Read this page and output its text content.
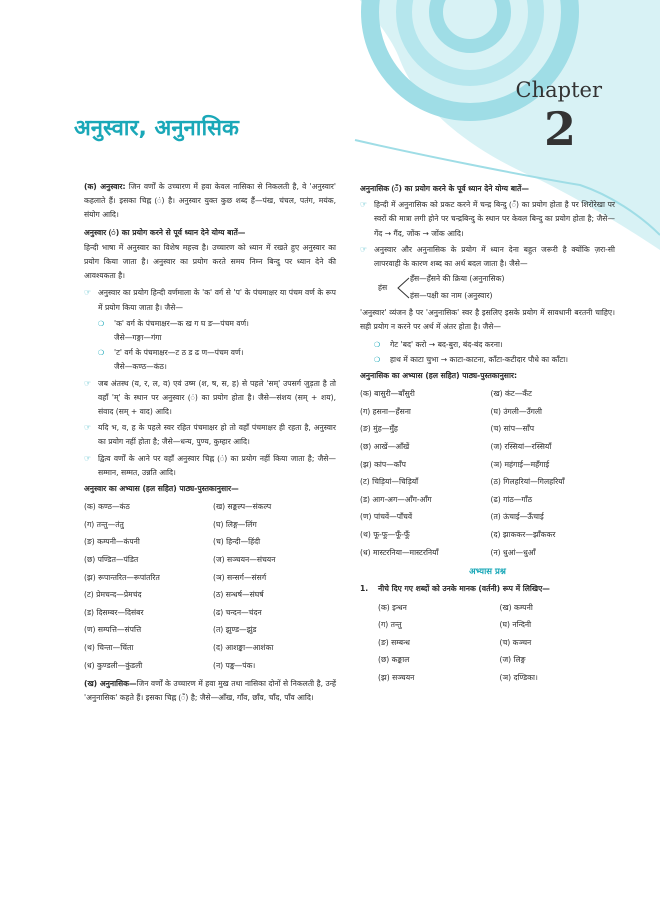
Chapter
2
अनुस्वार, अनुनासिक

(क) अनुस्वार: जिन वर्णों के उच्चारण में हवा केवल नासिका से निकलती है, वे 'अनुस्वार' कहलाते हैं। इसका चिह्न (ं) है। अनुस्वार युक्त कुछ शब्द हैं—पंख, चंचल, पतंग, मयंक, संयोग आदि।

अनुस्वार (ं) का प्रयोग करने से पूर्व ध्यान देने योग्य बातें—

हिन्दी भाषा में अनुस्वार का विशेष महत्त्व है। उच्चारण को ध्यान में रखते हुए अनुस्वार का प्रयोग किया जाता है। अनुस्वार का प्रयोग करते समय निम्न बिन्दु पर ध्यान देने की आवश्यकता है।

☞ अनुस्वार का प्रयोग हिन्दी वर्णमाला के 'क' वर्ग से 'प' के पंचमाक्षर या पंचम वर्ण के रूप में प्रयोग किया जाता है। जैसे—
❍ 'क' वर्ग के पंचमाक्षर—क ख ग घ ङ—पंचम वर्ण।
जैसे—गङ्गा—गंगा
❍ 'ट' वर्ग के पंचमाक्षर—ट ठ ड ढ ण—पंचम वर्ण।
जैसे—कण्ठ—कंठ।
☞ जब अंतस्थ (य, र, ल, व) एवं उष्म (श, ष, स, ह) से पहले 'सम्' उपसर्ग जुड़ता है तो वहाँ 'म्' के स्थान पर अनुस्वार (ं) का प्रयोग होता है। जैसे—संशय (सम् + शय), संवाद (सम् + वाद) आदि।
☞ यदि भ, व, ह के पहले स्वर रहित पंचमाक्षर हो तो वहाँ पंचमाक्षर ही रहता है, अनुस्वार का प्रयोग नहीं होता है; जैसे—धन्य, पुण्य, कुम्हार आदि।
☞ द्वित्व वर्णों के आने पर वहाँ अनुस्वार चिह्न (ं) का प्रयोग नहीं किया जाता है; जैसे—सम्मान, सम्मत, उन्नति आदि।
अनुस्वार का अभ्यास (हल सहित) पाठ्य-पुस्तकानुसार—
(क) कण्ठ—कंठ	(ख) सङ्कल्प—संकल्प
(ग) तन्तु—तंतु	(घ) लिङ्ग—लिंग
(ङ) कम्पनी—कंपनी	(च) हिन्दी—हिंदी
(छ) पण्डित—पंडित	(ज) सञ्चयन—संचयन
(झ) रूपान्तरित—रूपांतरित	(ञ) सन्सर्ग—संसर्ग
(ट) प्रेमचन्द—प्रेमचंद	(ठ) सन्धर्ष—संघर्ष
(ड) दिसम्बर—दिसंबर	(ढ) चन्दन—चंदन
(ण) सम्पत्ति—संपत्ति	(त) झुण्ड—झुंड
(थ) चिन्ता—चिंता	(द) आशङ्का—आशंका
(ध) कुण्डली—कुंडली	(न) पङ्क—पंक।

(ख) अनुनासिक—जिन वर्णों के उच्चारण में हवा मुख तथा नासिका दोनों से निकलती है, उन्हें 'अनुनासिक' कहते हैं। इसका चिह्न (ँ) है; जैसे—आँख, गाँव, छाँव, चाँद, पाँव आदि।

अनुनासिक (ँ) का प्रयोग करने के पूर्व ध्यान देने योग्य बातें—
☞ हिन्दी में अनुनासिक को प्रकट करने में चन्द्र बिन्दु (ँ) का प्रयोग होता है पर शिरोरेखा पर स्वरों की मात्रा लगी होने पर चन्द्रबिन्दु के स्थान पर केवल बिन्दु का प्रयोग होता है; जैसे—गेंद → गैंद, जोंक → जोंक आदि।
☞ अनुस्वार और अनुनासिक के प्रयोग में ध्यान देना बहुत जरूरी है क्योंकि ज़रा-सी लापरवाही के कारण शब्द का अर्थ बदल जाता है। जैसे—
हंस
हँस—हँसने की क्रिया (अनुनासिक)
हंस—पक्षी का नाम (अनुस्वार)

'अनुस्वार' व्यंजन है पर 'अनुनासिक' स्वर है इसलिए इसके प्रयोग में सावधानी बरतनी चाहिए। सही प्रयोग न करने पर अर्थ में अंतर होता है। जैसे—

❍ गेट 'बद' करो → बद-बुरा, बंद-बंद करना।
❍ हाथ में काटा चुभा → काटा-काटना, काँटा-कटीदार पौधे का काँटा।
अनुनासिक का अभ्यास (हल सहित) पाठ्य-पुस्तकानुसार:
(क) बासुरी—बाँसुरी	(ख) कंट—कँट
(ग) हसना—हँसना	(घ) उंगली—उँगली
(ङ) मुंह—मुँह	(च) सांप—साँप
(छ) आखें—आँखें	(ज) रस्सियां—रस्सियाँ
(झ) कांप—काँप	(ञ) महंगाई—महँगाई
(ट) चिड़ियां—चिड़ियाँ	(ठ) गिलहरियां—गिलहरियाँ
(ड) आग-अग—आँग-आँग	(ढ) गांठ—गाँठ
(ण) पांचवें—पाँचवें	(त) ऊंचाई—ऊँचाई
(थ) फू-फू—फूँ-फूँ	(द) झाककर—झाँककर
(ध) मास्टरनिया—मास्टरनियाँ	(न) धुआं—धुआँ
अभ्यास प्रश्न
1.	नीचे दिए गए शब्दों को उनके मानक (वर्तनी) रूप में लिखिए—
(क) इन्धन	(ख) कम्पनी
(ग) तन्तु	(घ) नन्दिनी
(ङ) सम्बन्ध	(च) कञ्चन
(छ) कङ्काल	(ज) लिङ्ग
(झ) सञ्चयन	(ञ) दण्डिका।
